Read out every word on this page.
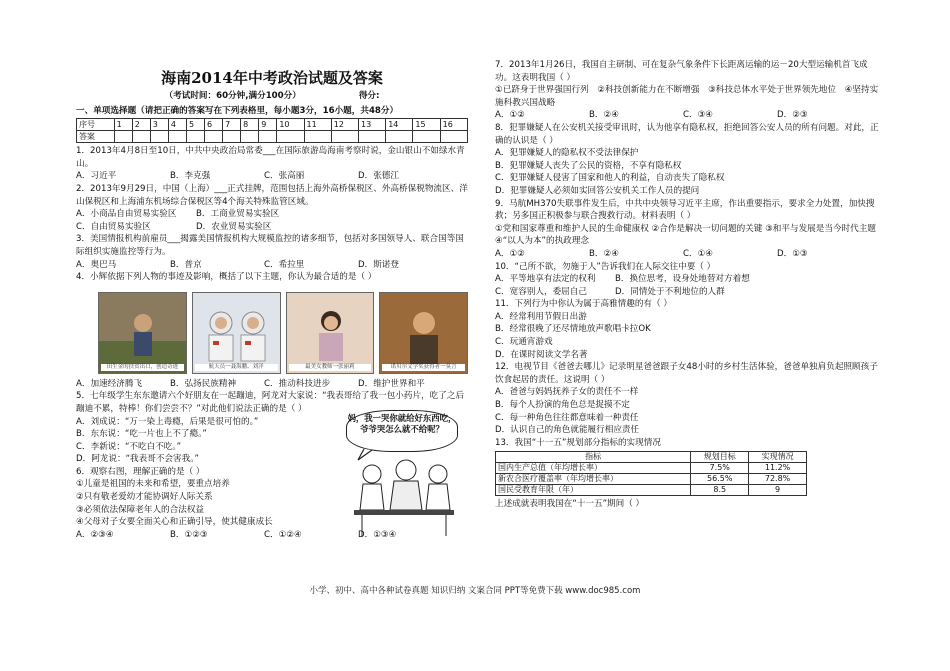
海南2014年中考政治试题及答案
（考试时间：60分钟,满分100分）	得分:
一、单项选择题（请把正确的答案写在下列表格里，每小题3分，16小题，共48分）
序号	1	2	3	4	5	6	7	8	9	10	11	12	13	14	15	16
答案																

1．2013年4月8日至10日，中共中央政治局常委___在国际旅游岛海南考察时说，金山银山不如绿水青山。

A．习近平	B．李克强	C．张高丽	D．张德江

2．2013年9月29日，中国（上海）___正式挂牌，范围包括上海外高桥保税区、外高桥保税物流区、洋山保税区和上海浦东机场综合保税区等4个海关特殊监管区域。

A．小商品自由贸易实验区 B．工商业贸易实验区

C．自由贸易实验区	D．农业贸易实验区

3．美国情报机构前雇员___揭露美国情报机构大规模监控的诸多细节，包括对多国领导人、联合国等国际组织实施监控等行为。

A．奥巴马	B．普京	C．希拉里	D．斯诺登

4．小辉依据下列人物的事迹及影响，概括了以下主题，你认为最合适的是（ ）

田生金的扶贫出口，创造奇迹	航天员一聂海鹏、刘洋	最美女教师一张丽莉	诺贝尔文学奖获得者一莫言

A．加速经济腾飞	B．弘扬民族精神	C．推动科技进步	D．维护世界和平

5．七年级学生东东邀请六个好朋友在一起蹦迪，阿龙对大家说：“我表哥给了我一包小药片，吃了之后蹦迪不累，特棒！你们尝尝不？”对此他们说法正确的是（ ）

妈，我一哭你就给好东西吃，爷爷哭怎么就不给呢？

A．刘成说：“万一染上毒瘾，后果是很可怕的。”

B．东东说：“吃一片也上不了瘾。”

C．李新说：“不吃白不吃。”

D．阿龙说：“我表哥不会害我。”

6．观察右图，理解正确的是（ ）

①儿童是祖国的未来和希望，要重点培养

②只有敬老爱幼才能协调好人际关系

③必须依法保障老年人的合法权益

④父母对子女要全面关心和正确引导，使其健康成长

A．②③④	B．①②③	C．①②④	D．①③④

7．2013年1月26日，我国自主研制、可在复杂气象条件下长距离运输的运－20大型运输机首飞成功。这表明我国（ ）

①已跻身于世界强国行列　②科技创新能力在不断增强　③科技总体水平处于世界领先地位　④坚持实施科教兴国战略

A．①②	B．②④	C．③④	D．②③

8．犯罪嫌疑人在公安机关接受审讯时，认为他享有隐私权，拒绝回答公安人员的所有问题。对此，正确的认识是（ ）

A．犯罪嫌疑人的隐私权不受法律保护

B．犯罪嫌疑人丧失了公民的资格，不享有隐私权

C．犯罪嫌疑人侵害了国家和他人的利益，自动丧失了隐私权

D．犯罪嫌疑人必须如实回答公安机关工作人员的提问

9．马航MH370失联事件发生后，中共中央领导习近平主席，作出重要指示，要求全力处置，加快搜救；另多国正积极参与联合搜救行动。材料表明（ ）

①党和国家尊重和维护人民的生命健康权 ②合作是解决一切问题的关键 ③和平与发展是当今时代主题 ④“以人为本”的执政理念

A．①②	B．②④	C．①④	D．①③

10．“己所不欲，勿施于人”告诉我们在人际交往中要（ ）

A．平等地享有法定的权利 B．换位思考，设身处地替对方着想

C．宽容别人，委屈自己	D．同情处于不利地位的人群

11．下列行为中你认为属于高雅情趣的有（ ）

A．经常利用节假日出游

B．经常很晚了还尽情地放声歌唱卡拉OK

C．玩通宵游戏

D．在课时阅读文学名著

12．电视节目《爸爸去哪儿》记录明星爸爸跟子女48小时的乡村生活体验，爸爸单独肩负起照顾孩子饮食起居的责任。这说明（ ）

A．爸爸与妈妈抚养子女的责任不一样

B．每个人扮演的角色总是捉摸不定

C．每一种角色往往都意味着一种责任

D．认识自己的角色就能履行相应责任

13．我国“十一五”规划部分指标的实现情况

指标	规划目标	实现情况
国内生产总值（年均增长率）	7.5%	11.2%
新农合医疗覆盖率（年均增长率）	56.5%	72.8%
国民受教育年限（年）	8.5	9

上述成就表明我国在“十一五”期间（ ）

小学、初中、高中各种试卷真题 知识归纳 文案合同 PPT等免费下载 www.doc985.com
